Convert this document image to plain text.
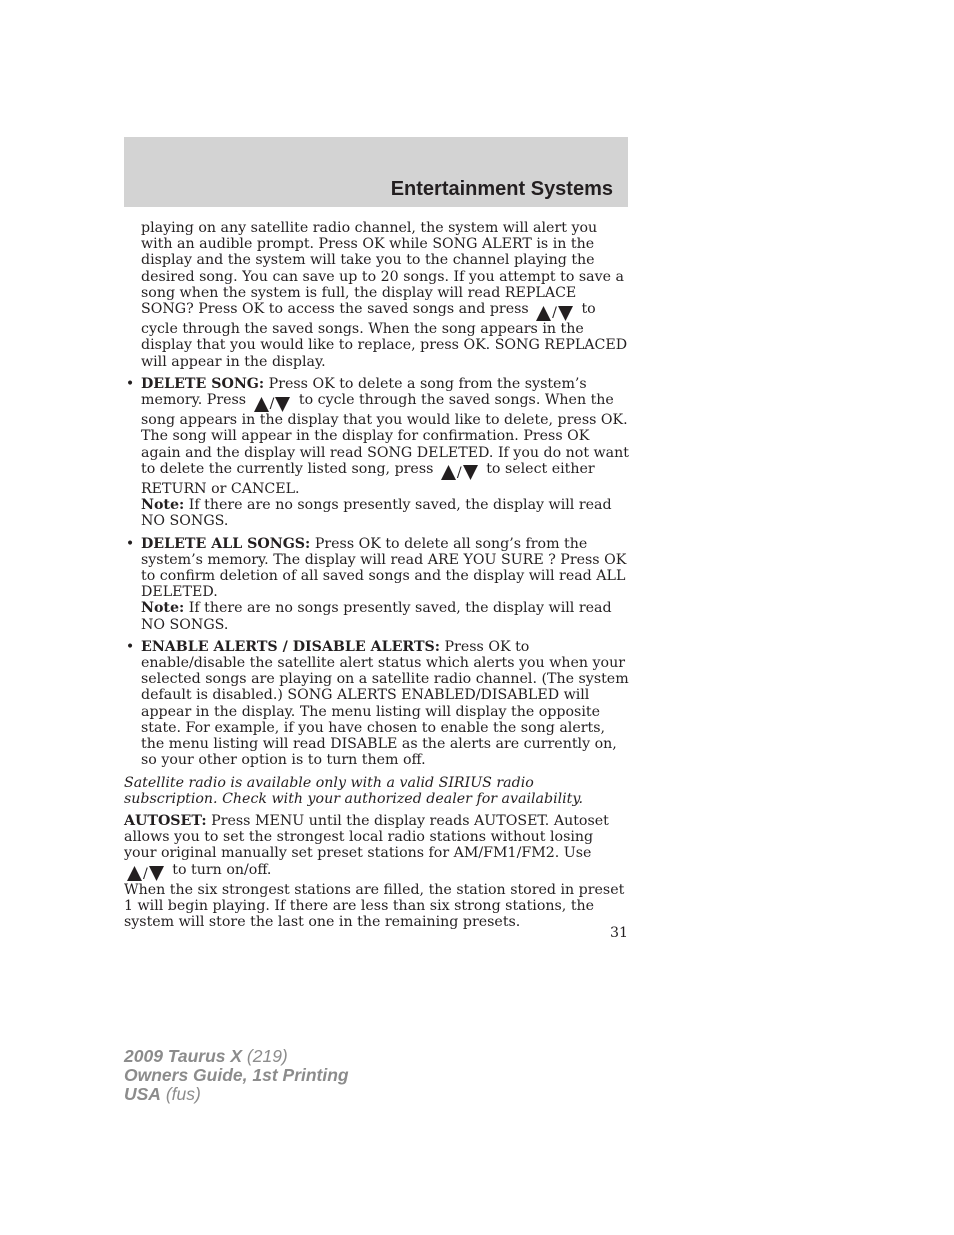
Entertainment Systems

playing on any satellite radio channel, the system will alert you with an audible prompt. Press OK while SONG ALERT is in the display and the system will take you to the channel playing the desired song. You can save up to 20 songs. If you attempt to save a song when the system is full, the display will read REPLACE SONG? Press OK to access the saved songs and press / to cycle through the saved songs. When the song appears in the display that you would like to replace, press OK. SONG REPLACED will appear in the display.

• DELETE SONG: Press OK to delete a song from the system’s memory. Press / to cycle through the saved songs. When the song appears in the display that you would like to delete, press OK. The song will appear in the display for confirmation. Press OK again and the display will read SONG DELETED. If you do not want to delete the currently listed song, press / to select either RETURN or CANCEL.

Note: If there are no songs presently saved, the display will read NO SONGS.

• DELETE ALL SONGS: Press OK to delete all song’s from the system’s memory. The display will read ARE YOU SURE ? Press OK to confirm deletion of all saved songs and the display will read ALL DELETED.

Note: If there are no songs presently saved, the display will read NO SONGS.

• ENABLE ALERTS / DISABLE ALERTS: Press OK to enable/disable the satellite alert status which alerts you when your selected songs are playing on a satellite radio channel. (The system default is disabled.) SONG ALERTS ENABLED/DISABLED will appear in the display. The menu listing will display the opposite state. For example, if you have chosen to enable the song alerts, the menu listing will read DISABLE as the alerts are currently on, so your other option is to turn them off.

Satellite radio is available only with a valid SIRIUS radio subscription. Check with your authorized dealer for availability.

AUTOSET: Press MENU until the display reads AUTOSET. Autoset allows you to set the strongest local radio stations without losing your original manually set preset stations for AM/FM1/FM2. Use / to turn on/off.

When the six strongest stations are filled, the station stored in preset 1 will begin playing. If there are less than six strong stations, the system will store the last one in the remaining presets.

31
2009 Taurus X (219)
Owners Guide, 1st Printing
USA (fus)
